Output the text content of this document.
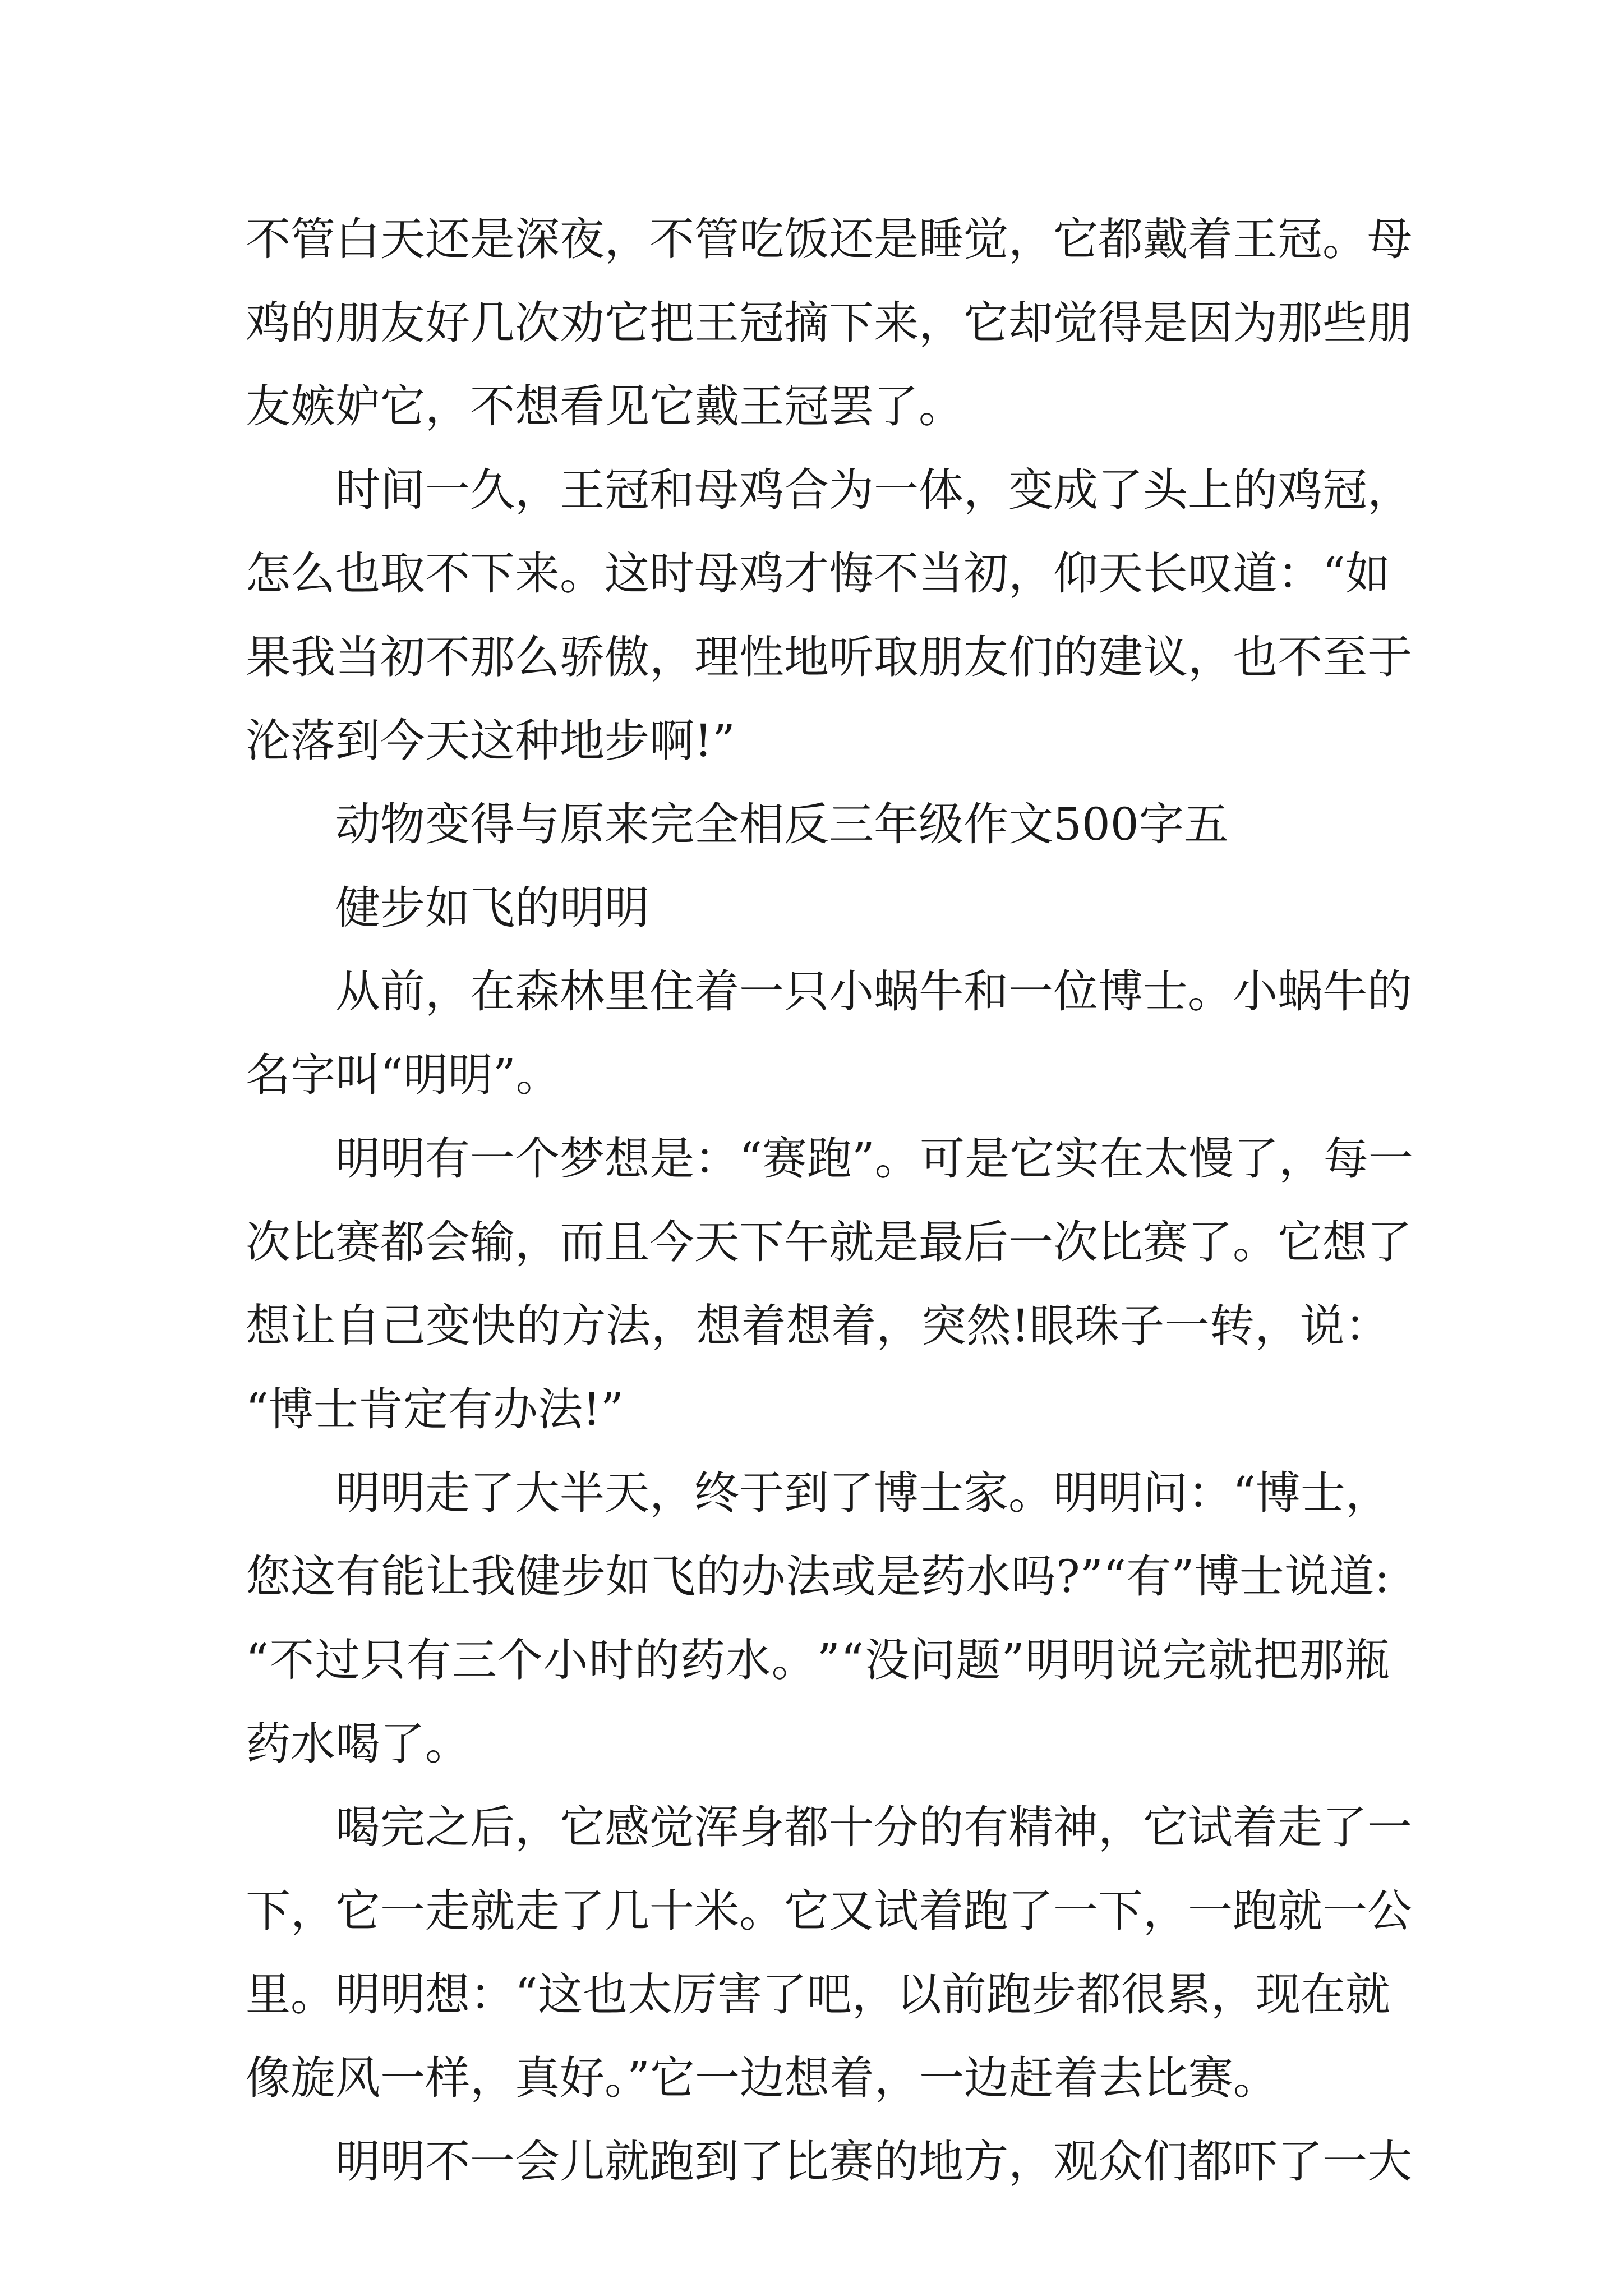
不 管 白 天 还 是 深 夜 ， 不 管 吃 饭 还 是 睡 觉 ， 它 都 戴 着 王 冠 。 母
鸡 的 朋 友 好 几 次 劝 它 把 王 冠 摘 下 来 ， 它 却 觉 得 是 因 为 那 些 朋
友嫉妒它，不想看见它戴王冠罢了。
时 间 一 久 ， 王 冠 和 母 鸡 合 为 一 体 ， 变 成 了 头 上 的 鸡 冠 ，
怎 么 也 取 不 下 来 。 这 时 母 鸡 才 悔 不 当 初 ， 仰 天 长 叹 道 ： “ 如
果 我 当 初 不 那 么 骄 傲 ， 理 性 地 听 取 朋 友 们 的 建 议 ， 也 不 至 于
沦落到今天这种地步啊!”
动物变得与原来完全相反三年级作文500字五
健步如飞的明明
从 前 ， 在 森 林 里 住 着 一 只 小 蜗 牛 和 一 位 博 士 。 小 蜗 牛 的
名字叫“明明”。
明 明 有 一 个 梦 想 是 ： “ 赛 跑 ” 。 可 是 它 实 在 太 慢 了 ， 每 一
次 比 赛 都 会 输 ， 而 且 今 天 下 午 就 是 最 后 一 次 比 赛 了 。 它 想 了
想 让 自 己 变 快 的 方 法 ， 想 着 想 着 ， 突 然 ! 眼 珠 子 一 转 ， 说 ：
“博士肯定有办法!”
明 明 走 了 大 半 天 ， 终 于 到 了 博 士 家 。 明 明 问 ： “ 博 士 ，
您 这 有 能 让 我 健 步 如 飞 的 办 法 或 是 药 水 吗 ? ” “ 有 ” 博 士 说 道 :
“ 不 过 只 有 三 个 小 时 的 药 水 。 ” “ 没 问 题 ” 明 明 说 完 就 把 那 瓶
药水喝了。
喝 完 之 后 ， 它 感 觉 浑 身 都 十 分 的 有 精 神 ， 它 试 着 走 了 一
下 ， 它 一 走 就 走 了 几 十 米 。 它 又 试 着 跑 了 一 下 ， 一 跑 就 一 公
里 。 明 明 想 ： “ 这 也 太 厉 害 了 吧 ， 以 前 跑 步 都 很 累 ， 现 在 就
像旋风一样，真好。”它一边想着，一边赶着去比赛。
明 明 不 一 会 儿 就 跑 到 了 比 赛 的 地 方 ， 观 众 们 都 吓 了 一 大
